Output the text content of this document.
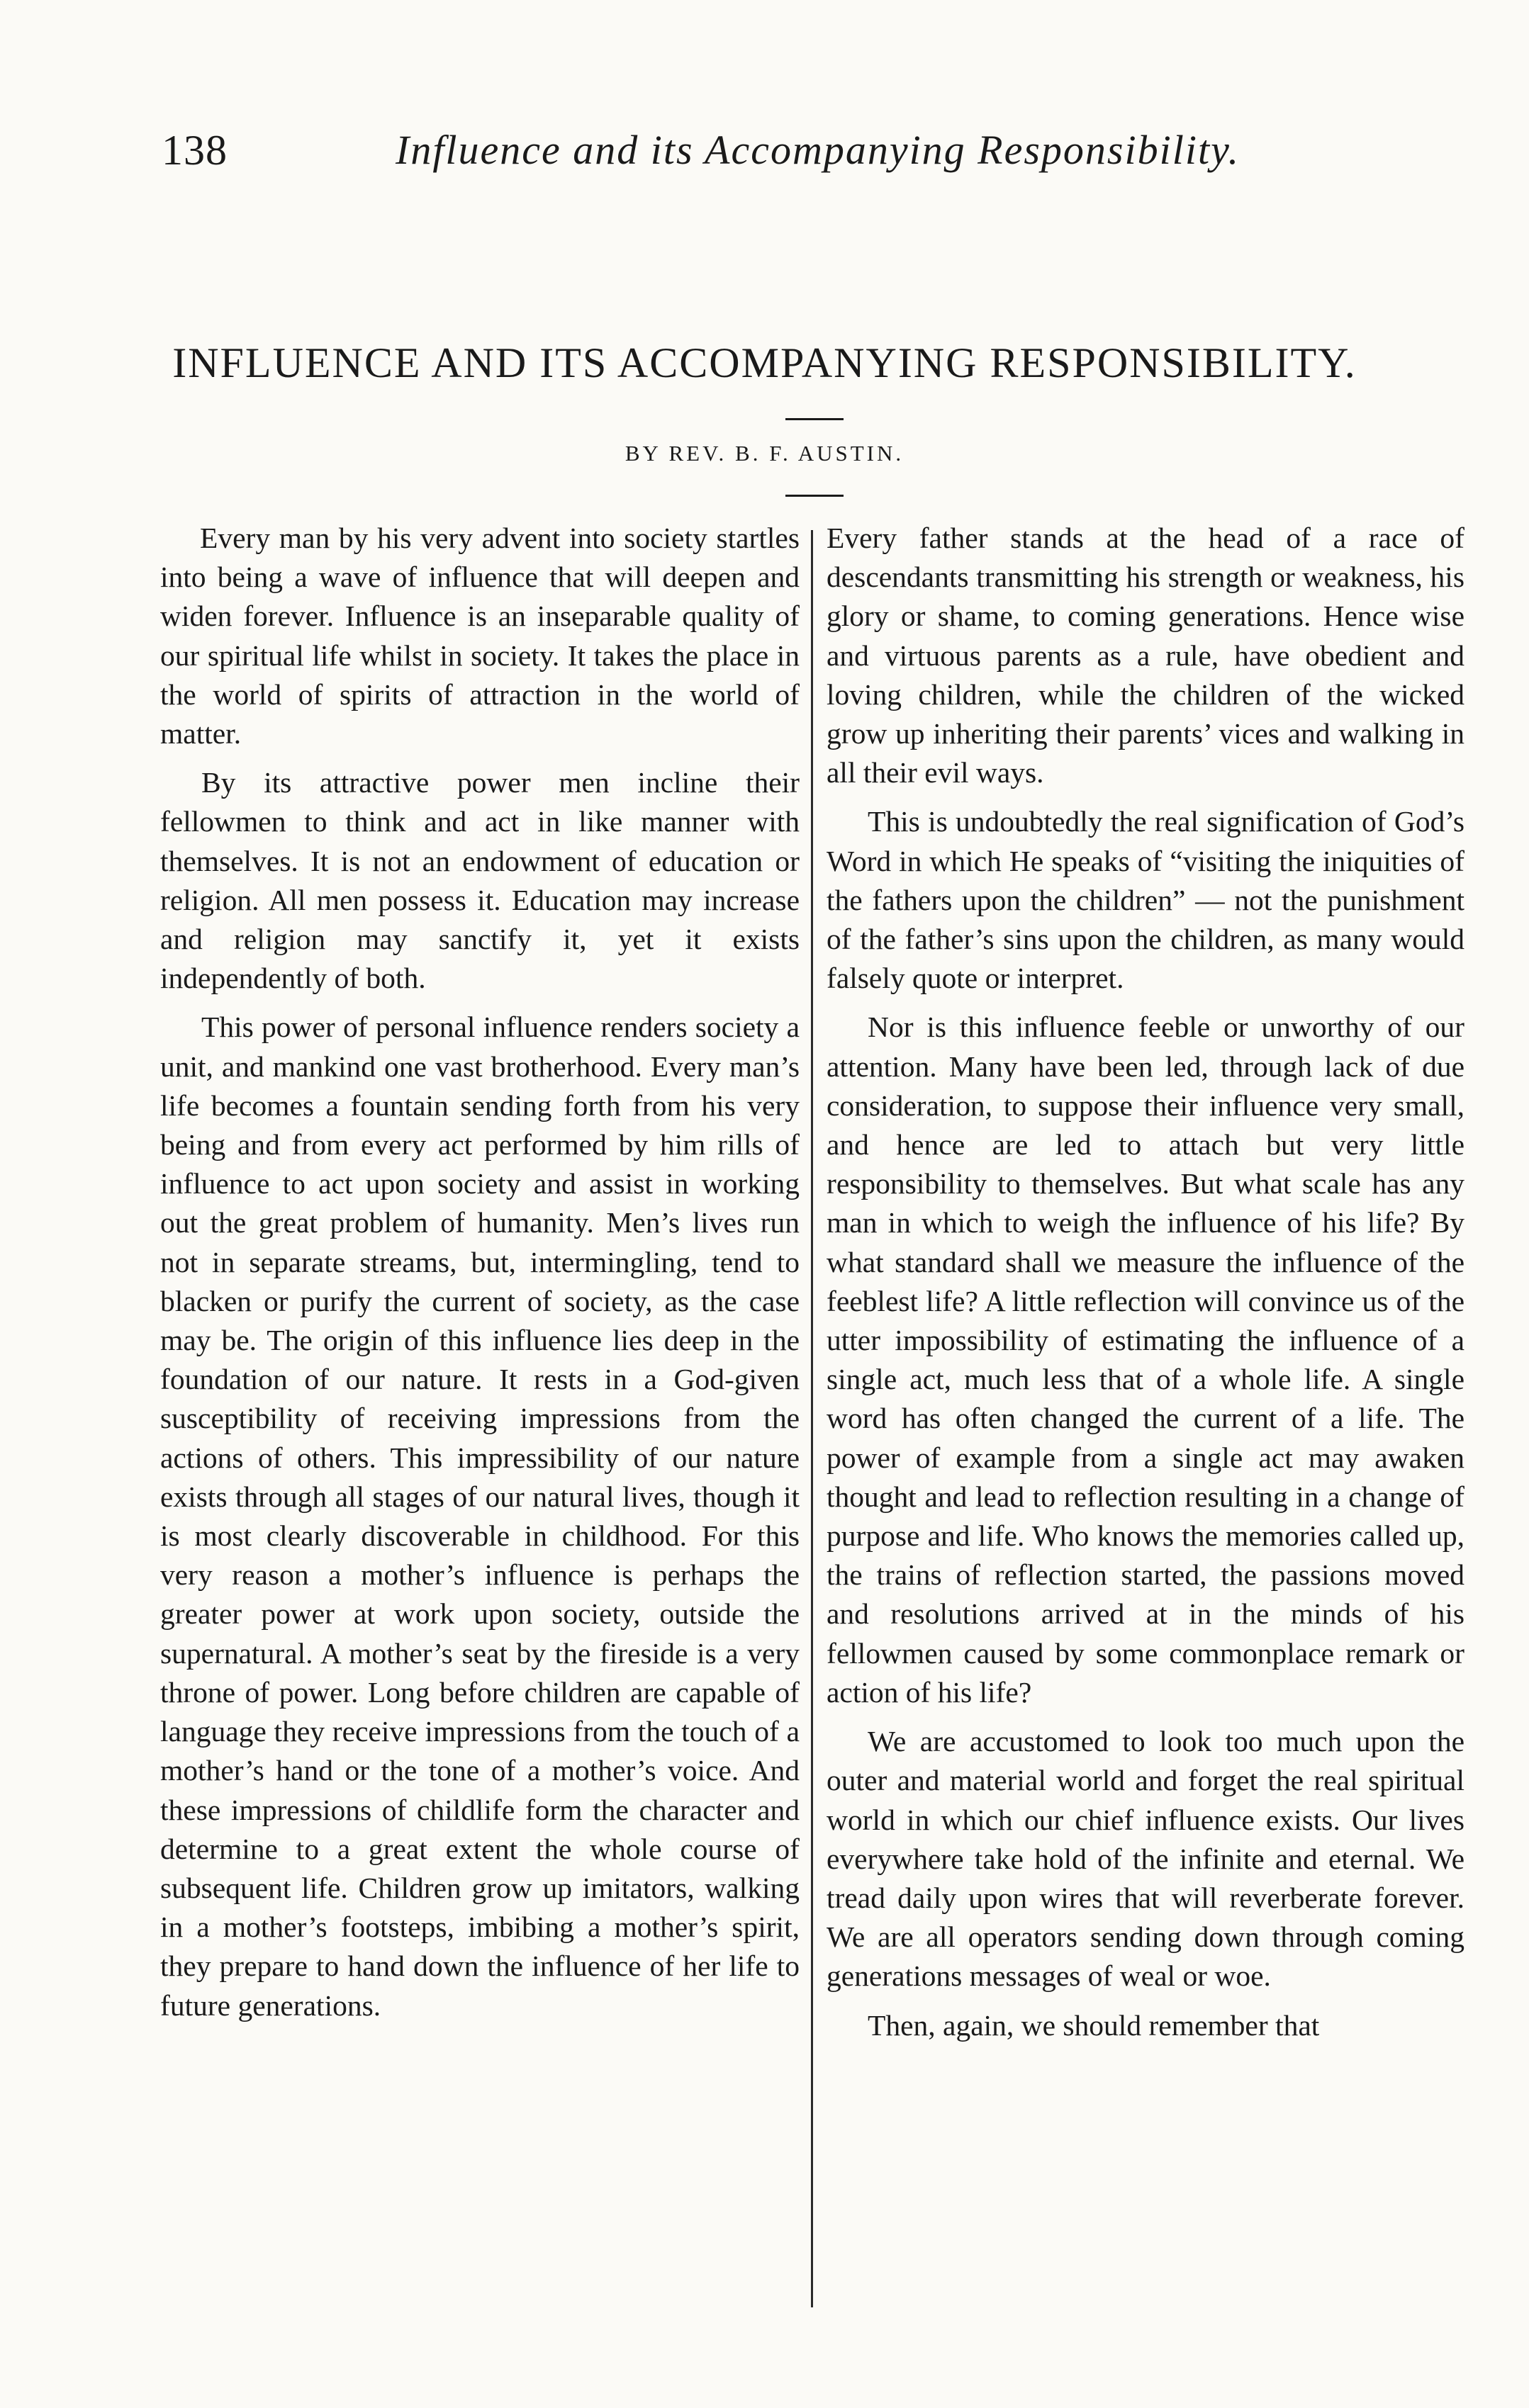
138	Influence and its Accompanying Responsibility.
INFLUENCE AND ITS ACCOMPANYING RESPONSIBILITY.
BY REV. B. F. AUSTIN.

Every man by his very advent into society startles into being a wave of influence that will deepen and widen forever. Influence is an inseparable quality of our spiritual life whilst in society. It takes the place in the world of spirits of attraction in the world of matter.

By its attractive power men incline their fellowmen to think and act in like manner with themselves. It is not an endowment of education or religion. All men possess it. Education may increase and religion may sanctify it, yet it exists independently of both.

This power of personal influence renders society a unit, and mankind one vast brotherhood. Every man’s life becomes a fountain sending forth from his very being and from every act performed by him rills of influence to act upon society and assist in working out the great problem of humanity. Men’s lives run not in separate streams, but, intermingling, tend to blacken or purify the current of society, as the case may be. The origin of this influence lies deep in the foundation of our nature. It rests in a God-given susceptibility of receiving impressions from the actions of others. This impressibility of our nature exists through all stages of our natural lives, though it is most clearly discoverable in childhood. For this very reason a mother’s influence is perhaps the greater power at work upon society, outside the supernatural. A mother’s seat by the fireside is a very throne of power. Long before children are capable of language they receive impressions from the touch of a mother’s hand or the tone of a mother’s voice. And these impressions of childlife form the character and determine to a great extent the whole course of subsequent life. Children grow up imitators, walking in a mother’s footsteps, imbibing a mother’s spirit, they prepare to hand down the influence of her life to future generations.

Every father stands at the head of a race of descendants transmitting his strength or weakness, his glory or shame, to coming generations. Hence wise and virtuous parents as a rule, have obedient and loving children, while the children of the wicked grow up inheriting their parents’ vices and walking in all their evil ways.

This is undoubtedly the real signification of God’s Word in which He speaks of “visiting the iniquities of the fathers upon the children” — not the punishment of the father’s sins upon the children, as many would falsely quote or interpret.

Nor is this influence feeble or unworthy of our attention. Many have been led, through lack of due consideration, to suppose their influence very small, and hence are led to attach but very little responsibility to themselves. But what scale has any man in which to weigh the influence of his life? By what standard shall we measure the influence of the feeblest life? A little reflection will convince us of the utter impossibility of estimating the influence of a single act, much less that of a whole life. A single word has often changed the current of a life. The power of example from a single act may awaken thought and lead to reflection resulting in a change of purpose and life. Who knows the memories called up, the trains of reflection started, the passions moved and resolutions arrived at in the minds of his fellowmen caused by some commonplace remark or action of his life?

We are accustomed to look too much upon the outer and material world and forget the real spiritual world in which our chief influence exists. Our lives everywhere take hold of the infinite and eternal. We tread daily upon wires that will reverberate forever. We are all operators sending down through coming generations messages of weal or woe.

Then, again, we should remember that
